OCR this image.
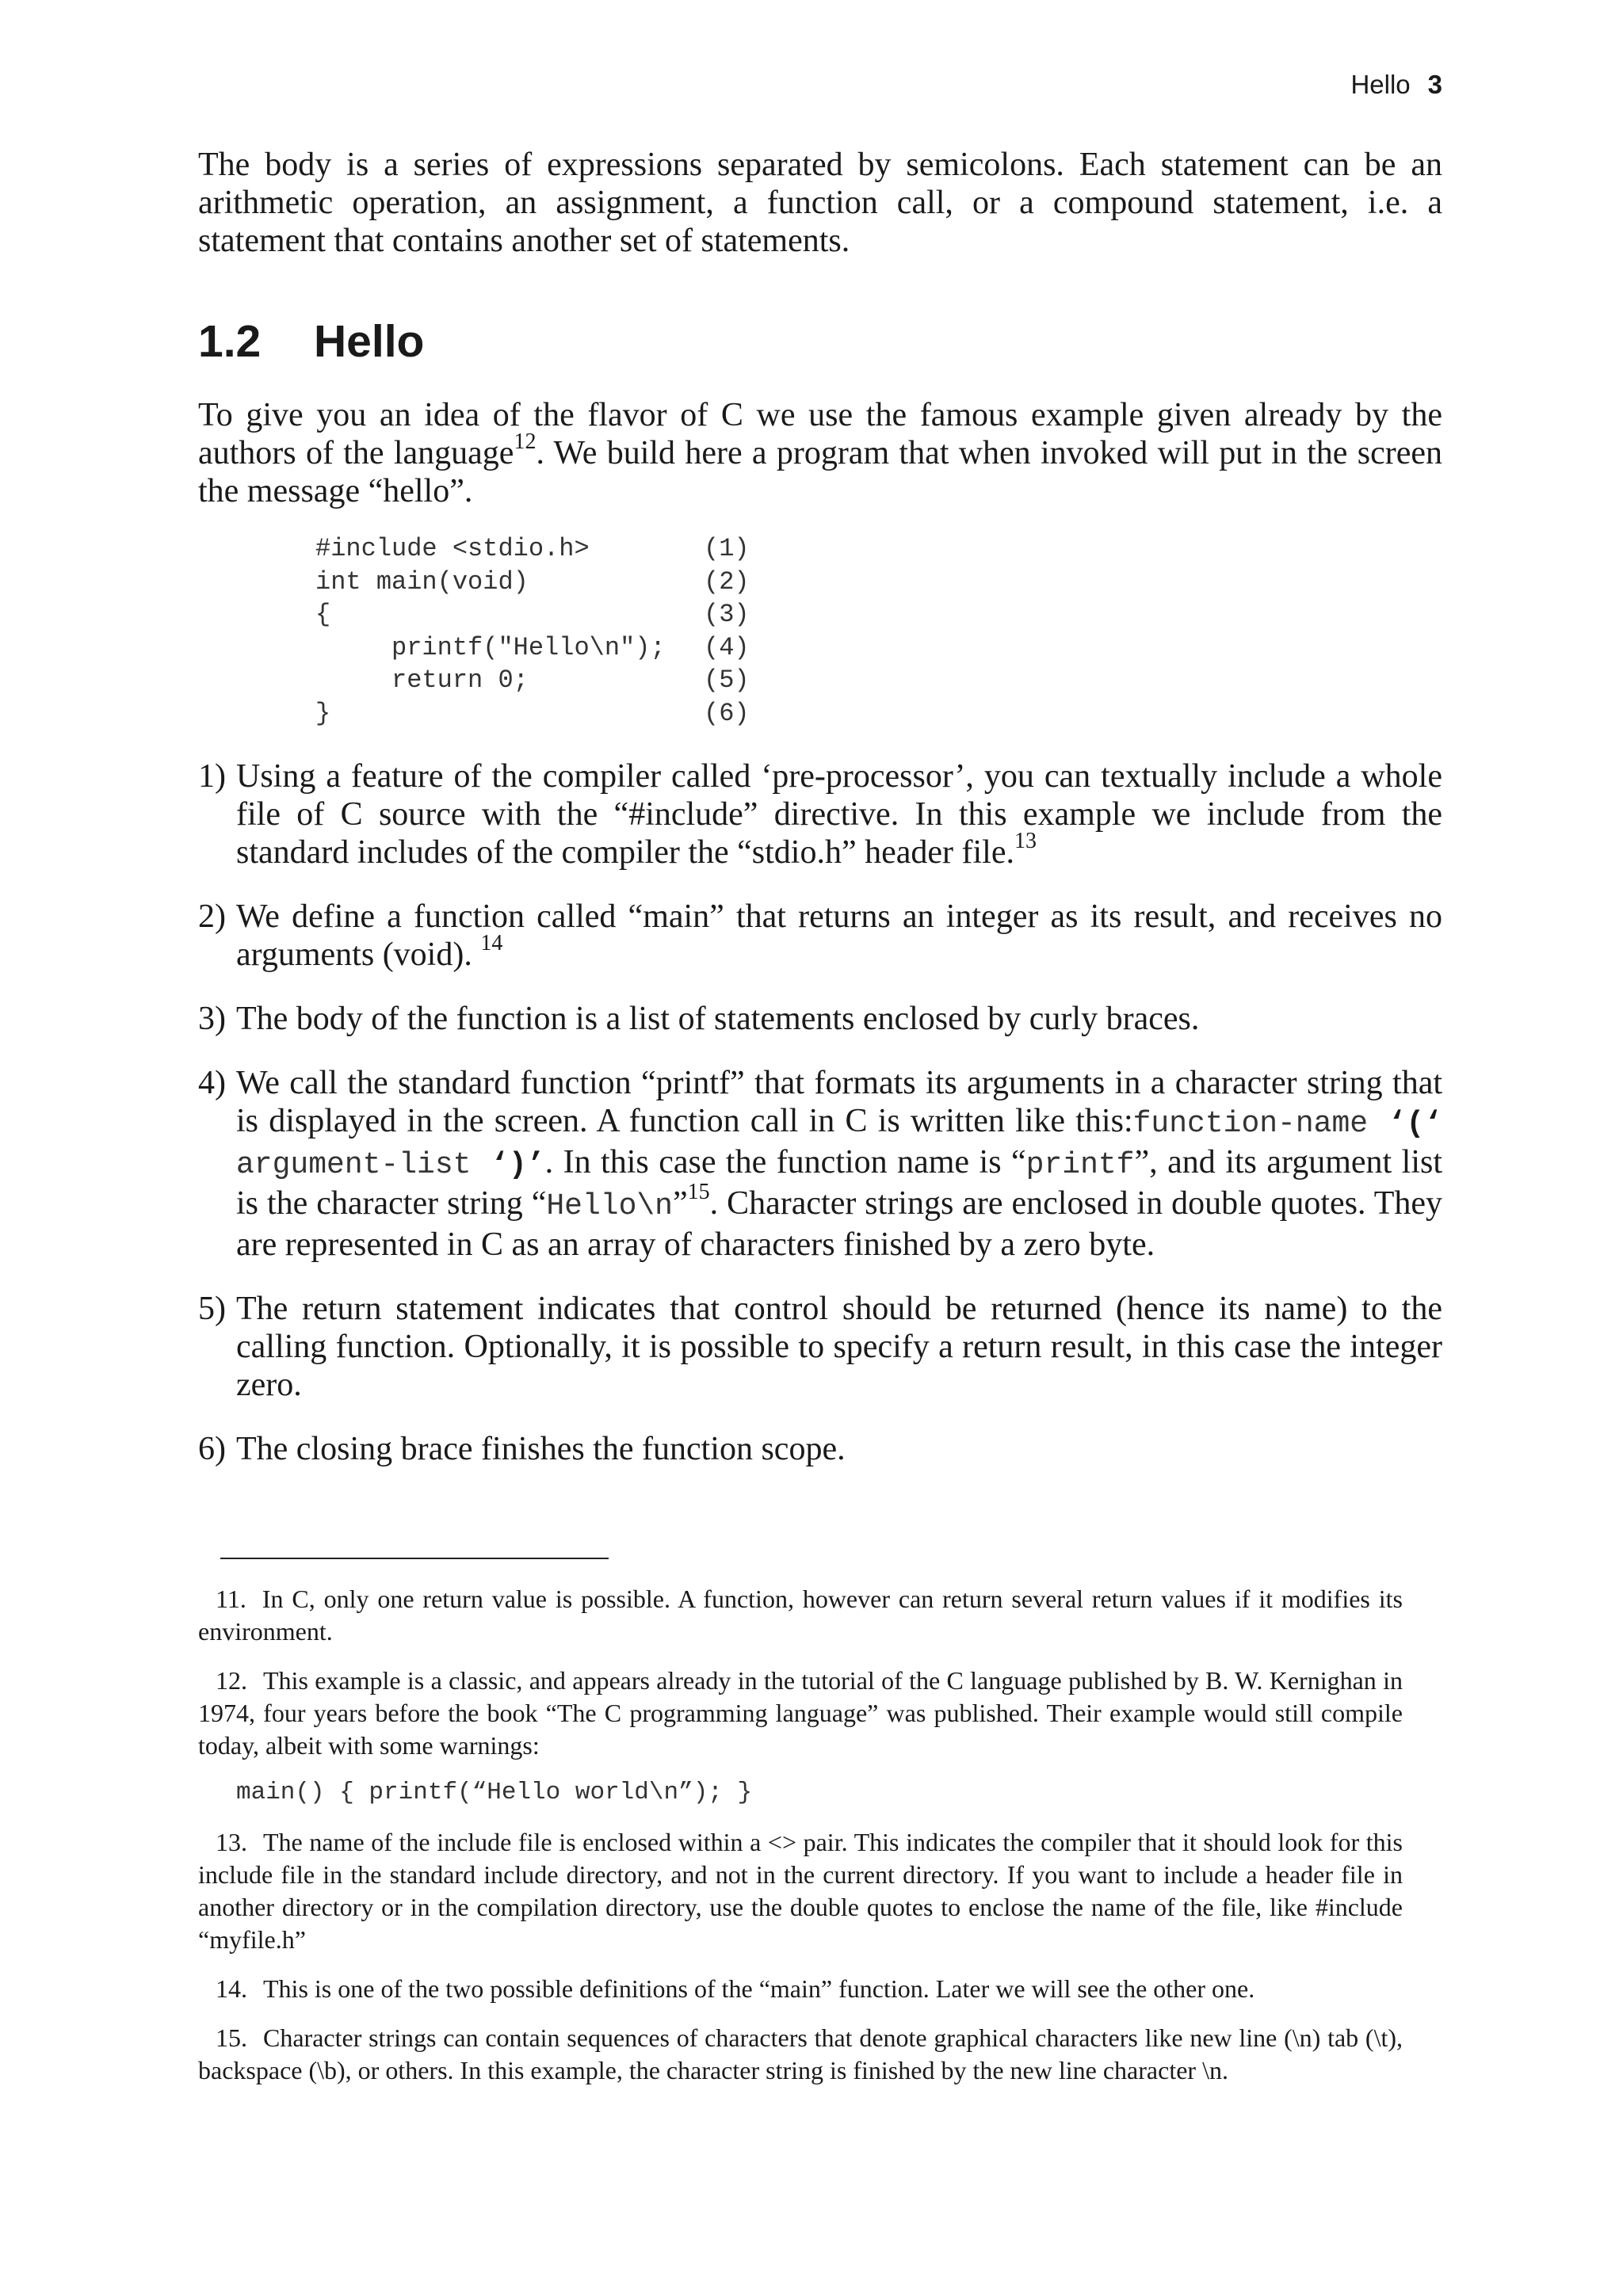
Hello 3

The body is a series of expressions separated by semicolons. Each statement can be an arithmetic operation, an assignment, a function call, or a compound statement, i.e. a statement that contains another set of statements.

1.2 Hello

To give you an idea of the flavor of C we use the famous example given already by the authors of the language$^{12}$. We build here a program that when invoked will put in the screen the message “hello”.

#include <stdio.h>	(1)
int main(void)	(2)
{	(3)
printf("Hello\n");	(4)
return 0;	(5)
}	(6)
1) Using a feature of the compiler called ‘pre-processor’, you can textually include a whole file of C source with the “#include” directive. In this example we include from the standard includes of the compiler the “stdio.h” header file.$^{13}$
2) We define a function called “main” that returns an integer as its result, and receives no arguments (void). $^{14}$
3) The body of the function is a list of statements enclosed by curly braces.
4) We call the standard function “printf” that formats its arguments in a character string that is displayed in the screen. A function call in C is written like this:function-name ‘(‘ argument-list ‘)’. In this case the function name is “printf”, and its argument list is the character string “Hello\n”$^{15}$. Character strings are enclosed in double quotes. They are represented in C as an array of characters finished by a zero byte.
5) The return statement indicates that control should be returned (hence its name) to the calling function. Optionally, it is possible to specify a return result, in this case the integer zero.
6) The closing brace finishes the function scope.

11. In C, only one return value is possible. A function, however can return several return values if it modifies its environment.

12. This example is a classic, and appears already in the tutorial of the C language published by B. W. Kernighan in 1974, four years before the book “The C programming language” was published. Their example would still compile today, albeit with some warnings:

main() { printf(“Hello world\n”); }

13. The name of the include file is enclosed within a <> pair. This indicates the compiler that it should look for this include file in the standard include directory, and not in the current directory. If you want to include a header file in another directory or in the compilation directory, use the double quotes to enclose the name of the file, like #include “myfile.h”

14. This is one of the two possible definitions of the “main” function. Later we will see the other one.

15. Character strings can contain sequences of characters that denote graphical characters like new line (\n) tab (\t), backspace (\b), or others. In this example, the character string is finished by the new line character \n.
